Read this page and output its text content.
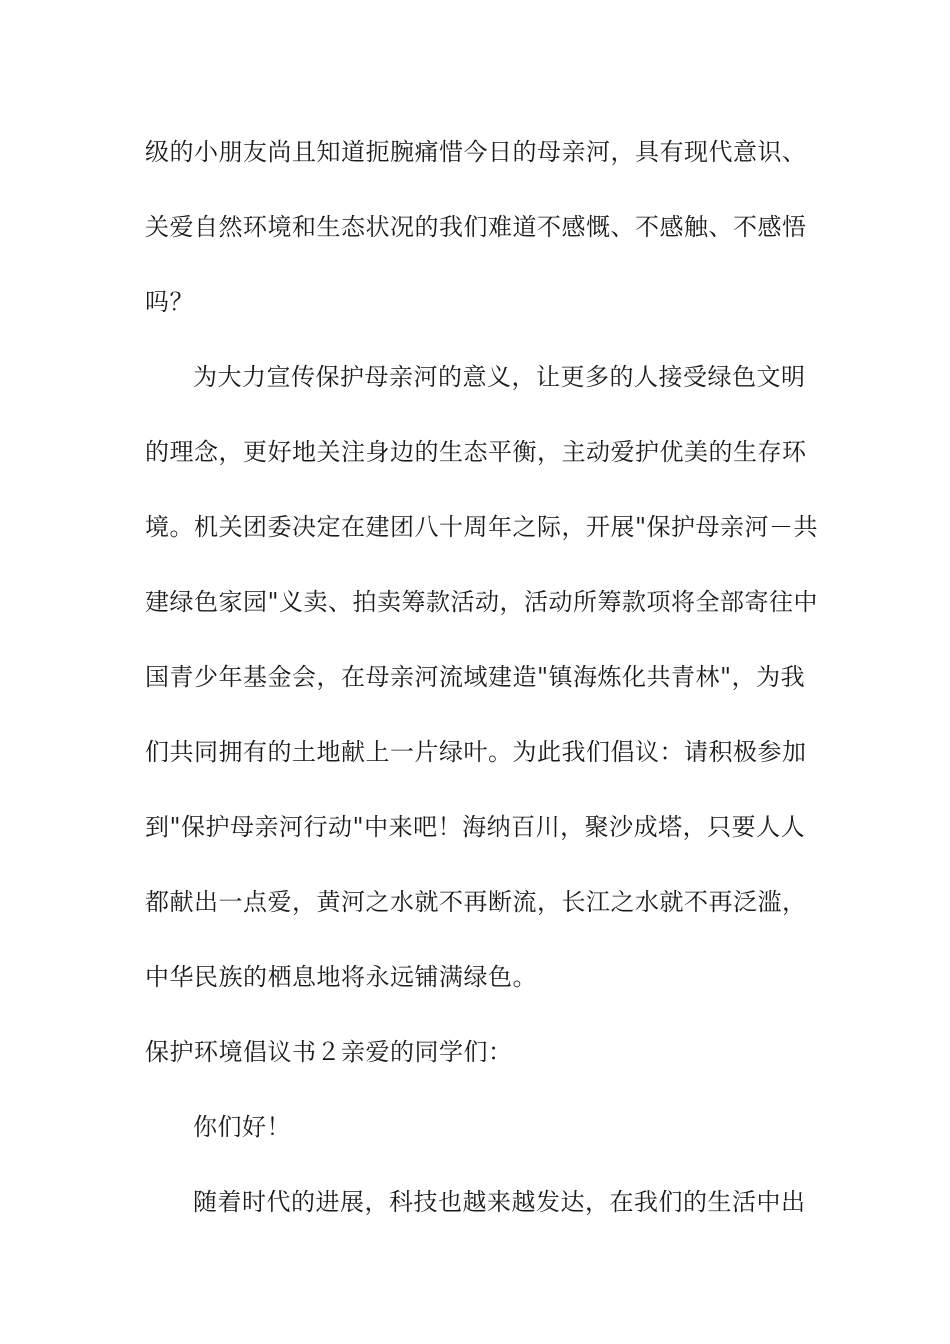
级的小朋友尚且知道扼腕痛惜今日的母亲河，具有现代意识、
关爱自然环境和生态状况的我们难道不感慨、不感触、不感悟
吗？
为大力宣传保护母亲河的意义，让更多的人接受绿色文明
的理念，更好地关注身边的生态平衡，主动爱护优美的生存环
境。机关团委决定在建团八十周年之际，开展"保护母亲河－共
建绿色家园"义卖、拍卖筹款活动，活动所筹款项将全部寄往中
国青少年基金会，在母亲河流域建造"镇海炼化共青林"，为我
们共同拥有的土地献上一片绿叶。为此我们倡议：请积极参加
到"保护母亲河行动"中来吧！海纳百川，聚沙成塔，只要人人
都献出一点爱，黄河之水就不再断流，长江之水就不再泛滥，
中华民族的栖息地将永远铺满绿色。
保护环境倡议书２亲爱的同学们：
你们好！
随着时代的进展，科技也越来越发达，在我们的生活中出
